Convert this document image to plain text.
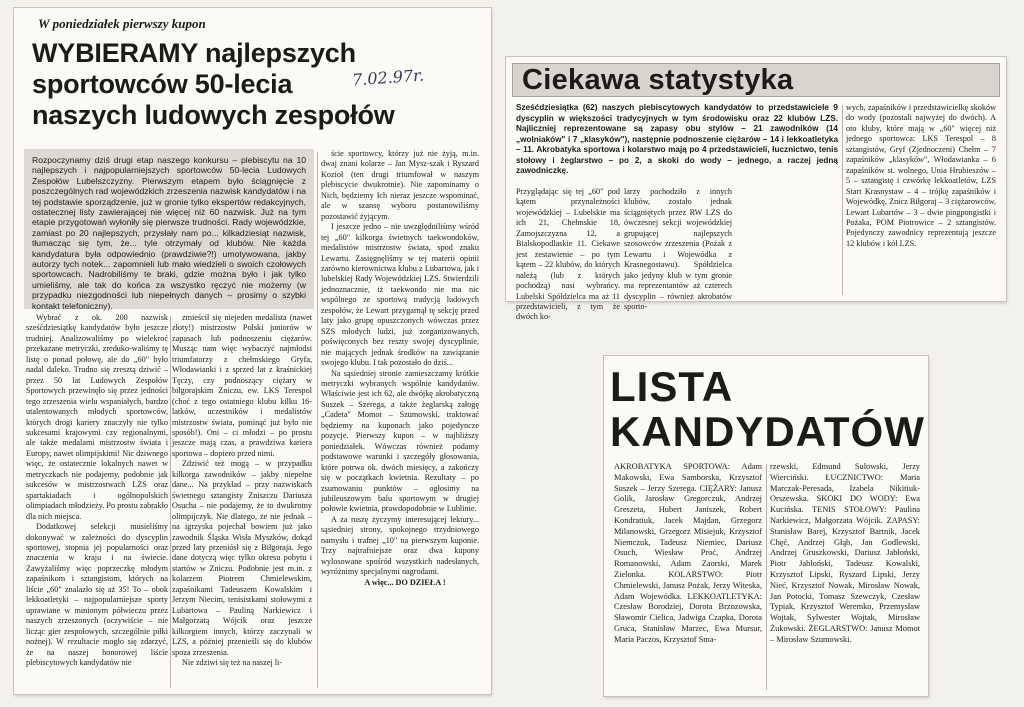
W poniedziałek pierwszy kupon
WYBIERAMY najlepszych
sportowców 50-lecia
naszych ludowych zespołów
7.02.97r.
Rozpoczynamy dziś drugi etap naszego konkursu – plebiscytu na 10 najlepszych i najpopularniejszych sportowców 50-lecia Ludowych Zespołów Lubelszczyzny. Pierwszym etapem było ściągnięcie z poszczególnych rad wojewódzkich zrzeszenia nazwisk kandydatów i na tej podstawie sporządzenie, już w gronie tylko ekspertów redakcyjnych, ostatecznej listy zawierającej nie więcej niż 60 nazwisk. Już na tym etapie przygotowań wyłoniły się pierwsze trudności. Rady wojewódzkie, zamiast po 20 najlepszych, przysłały nam po... kilkadziesiąt nazwisk, tłumacząc się tym, że... tyle otrzymały od klubów. Nie każda kandydatura była odpowiednio (prawdziwie?!) umotywowana, jakby autorzy tych notek... zapomnieli lub mało wiedzieli o swoich czołowych sportowcach. Nadrobiliśmy te braki, gdzie można było i jak tylko umieliśmy, ale tak do końca za wszystko ręczyć nie możemy (w przypadku niezgodności lub niepełnych danych – prosimy o szybki kontakt telefoniczny).

Wybrać z ok. 200 nazwisk sześćdziesiątkę kandydatów było jeszcze trudniej. Analizowaliśmy po wielekroć przekazane metryczki, zreduko-waliśmy tę listę o ponad połowę, ale do „60" było nadal daleko. Trudno się zresztą dziwić – przez 50 lat Ludowych Zespołów Sportowych przewinęło się przez jedności tego zrzeszenia wielu wspaniałych, bardzo utalentowanych młodych sportowców, których drogi kariery znaczyły nie tylko sukcesami krajowymi czy regionalnymi, ale także medalami mistrzostw świata i Europy, nawet olimpijskimi! Nic dziwnego więc, że ostatecznie lokalnych nawet w metryczkach nie podajemy, podobnie jak sukcesów w mistrzostwach LZS oraz spartakiadach i ogólnopolskich olimpiadach młodzieży. Po prostu zabrakło dla nich miejsca.

Dodatkowej selekcji musieliśmy dokonywać w zależności do dyscyplin sportowej, stopnia jej popularności oraz znaczenia w kraju i na świecie. Zawyżaliśmy więc poprzeczkę młodym zapaśnikom i sztangistom, których na liście „60" znalazło się aż 35! To – obok lekkoatletyki – najpopularniejsze sporty uprawiane w minionym półwieczu przez naszych zrzeszonych (oczywiście – nie licząc gier zespołowych, szczególnie piłki nożnej). W rezultacie mogło się zdarzyć, że na naszej honorowej liście plebiscytowych kandydatów nie

zmieścił się niejeden medalista (nawet złoty!) mistrzostw Polski juniorów w zapasach lub podnoszeniu ciężarów. Musząc nam więc wybaczyć najmłodsi triumfatorzy z chełmskiego Gryfa, Włodawianki i z sprzed lat z kraśnickiej Tęczy, czy podnoszący ciężary w biłgorajskim Zniczu, ew. LKS Terespol (choć z tego ostatniego klubu kilku 16-latków, uczestników i medalistów mistrzostw świata, pominąć już było nie sposób!). Oni – ci młodzi – po prostu jeszcze mają czas, a prawdziwa kariera sportowa – dopiero przed nimi.

Zdziwić też mogą – w przypadku kilkorga zawodników – jakby niepełne dane... Na przykład – przy nazwiskach świetnego sztangisty Zniszczu Dariusza Osucha – nie podajemy, że to dwukrotny olimpijczyk. Nie dlatego, że nie jednak – na igrzyska pojechał bowiem już jako zawodnik Śląska Wisła Myszków, dokąd przed laty przeniósł się z Biłgoraja. Jego dane dotyczą więc tylko okresu pobytu i startów w Zniczu. Podobnie jest m.in. z kolarzem Piotrem Chmielewskim, zapaśnikami Tadeuszem Kowalskim i Jerzym Niecim, tenisistkami stołowymi z Lubartowa – Pauliną Narkiewicz i Małgorzatą Wójcik oraz jeszcze kilkorgiem innych, którzy zaczynali w LZS, a później przenieśli się do klubów spoza zrzeszenia.

Nie zdziwi się też na naszej li-

ście sportowcy, którzy już nie żyją, m.in. dwaj znani kolarze – Jan Mysz-szak i Ryszard Kozioł (ten drugi triumfował w naszym plebiscycie dwukrotnie). Nie zapominamy o Nich, będziemy Ich nieraz jeszcze wspominać, ale w szansę wyboru postanowiliśmy pozostawić żyjącym.

I jeszcze jedno – nie uwzględniliśmy wśród tej „60" kilkorga świetnych taekwondoków, medalistów mistrzostw świata, spod znaku Lewartu. Zasięgnęliśmy w tej materii opinii zarówno kierownictwa klubu z Lubartowa, jak i lubelskiej Rady Wojewódzkiej LZS. Stwierdzili jednoznacznie, iż taekwondo nie ma nic wspólnego ze sportową tradycją ludowych zespołów, że Lewart przygarnął tę sekcję przed laty jako grupę opuszczonych wówczas przez SZS młodych ludzi, już zorganizowanych, poświęconych bez reszty swojej dyscyplinie, nie mających jednak środków na zawiązanie swojego klubu. I tak pozostało do dziś...

Na sąsiedniej stronie zamieszczamy krótkie metryczki wybranych wspólnie kandydatów. Właściwie jest ich 62, ale dwójkę akrobatyczną Suszek – Szerega, a także żeglarską załogę „Cadeta" Momot – Szumowski, traktować będziemy na kuponach jako pojedyncze pozycje. Pierwszy kupon – w najbliższy poniedziałek. Wówczas również podamy podstawowe warunki i szczegóły głosowania, które potrwa ok. dwóch miesięcy, a zakończy się w początkach kwietnia. Rezultaty – po zsumowaniu punktów – ogłosimy na jubileuszowym balu sportowym w drugiej połowie kwietnia, prawdopodobnie w Lublinie.

A za ruszę życzymy interesującej lektury... sąsiedniej strony, spokojnego trzydniowego namysłu i trafnej „10" na pierwszym kuponie. Trzy najtrafniejsze oraz dwa kupony wylosowane spośród wszystkich nadesłanych, wyróżnimy specjalnymi nagrodami.

A więc... DO DZIEŁA !

Ciekawa statystyka
Sześćdziesiątka (62) naszych plebiscytowych kandydatów to przedstawiciele 9 dyscyplin w większości tradycyjnych w tym środowisku oraz 22 klubów LZS. Najliczniej reprezentowane są zapasy obu stylów – 21 zawodników (14 „wolniaków" i 7 „klasyków"), następnie podnoszenie ciężarów – 14 i lekkoatletyka – 11. Akrobatyka sportowa i kolarstwo mają po 4 przedstawicieli, łucznictwo, tenis stołowy i żeglarstwo – po 2, a skoki do wody – jednego, a raczej jedną zawodniczkę.
Przyglądając się tej „60" pod kątem przynależności wojewódzkiej – Lubelskie ma ich 21, Chełmskie 18, Zamojszczyzna 12, a Bialskopodlaskie 11. Ciekawe jest zestawienie – po tym kątem – 22 klubów, do których należą (lub z których pochodzą) nasi wybrańcy. Lubelski Spółdzielca ma aż 11 przedstawicieli, z tym że dwóch ko-
larzy pochodziło z innych klubów, zostało jednak ściągniętych przez RW LZS do ówczesnej sekcji wojewódzkiej grupującej najlepszych szosowców zrzeszenia (Pożak z Lewartu i Wojewódka z Krasnegostawu). Spółdzielca jako jedyny klub w tym gronie ma reprezentantów aż czterech dyscyplin – również akrobatów sporto-
wych, zapaśników i przedstawicielkę skoków do wody (pozostali najwyżej do dwóch). A oto kluby, które mają w „60" więcej niż jednego sportowca: LKS Terespol – 8 sztangistów, Gryf (Zjednoczeni) Chełm – 7 zapaśników „klasyków", Włodawianka – 6 zapaśników st. wolnego, Unia Hrubieszów – 5 – sztangistę i czwórkę lekkoatletów, LZS Start Krasnystaw – 4 – trójkę zapaśników i Wojewódkę, Znicz Biłgoraj – 3 ciężarowców, Lewart Lubartów – 3 – dwie pingpongistki i Pożaka, POM Piotrowice – 2 sztangistów. Pojedynczy zawodnicy reprezentują jeszcze 12 klubów i kół LZS.
LISTA
KANDYDATÓW
AKROBATYKA SPORTOWA: Adam Makowski, Ewa Samborska, Krzysztof Suszek – Jerzy Szerega. CIĘŻARY: Janusz Golik, Jarosław Gregorczuk, Andrzej Greszeta, Hubert Janiszek, Robert Kondratiuk, Jacek Majdan, Grzegorz Milanowski, Grzegorz Misiejuk, Krzysztof Niemczuk, Tadeusz Niemiec, Dariusz Osuch, Wiesław Proć, Andrzej Romanowski, Adam Zaorski, Marek Zielonka. KOLARSTWO: Piotr Chmielewski, Janusz Pożak, Jerzy Witeska, Adam Wojewódka. LEKKOATLETYKA: Czesław Borodziej, Dorota Brzozowska, Sławomir Cielica, Jadwiga Czapka, Dorota Gruca, Stanisław Marzec, Ewa Mursur, Maria Paczos, Krzysztof Sma-
rzewski, Edmund Sulowski, Jerzy Wierciński. ŁUCZNICTWO: Maria Marczak-Peresada, Izabela Nikitiuk-Orszewska. SKOKI DO WODY: Ewa Kucińska. TENIS STOŁOWY: Paulina Narkiewicz, Małgorzata Wójcik. ZAPASY: Stanisław Barej, Krzysztof Bartnik, Jacek Chęć, Andrzej Głąb, Jan Godlewski, Andrzej Gruszkowski, Dariusz Jabłoński, Piotr Jabłoński, Tadeusz Kowalski, Krzysztof Lipski, Ryszard Lipski, Jerzy Nieć, Krzysztof Nowak, Mirosław Nowak, Jan Potocki, Tomasz Szewczyk, Czesław Typiak, Krzysztof Weremko, Przemysław Wojtak, Sylwester Wojtak, Mirosław Żukowski. ŻEGLARSTWO: Janusz Momot – Mirosław Szumowski.
